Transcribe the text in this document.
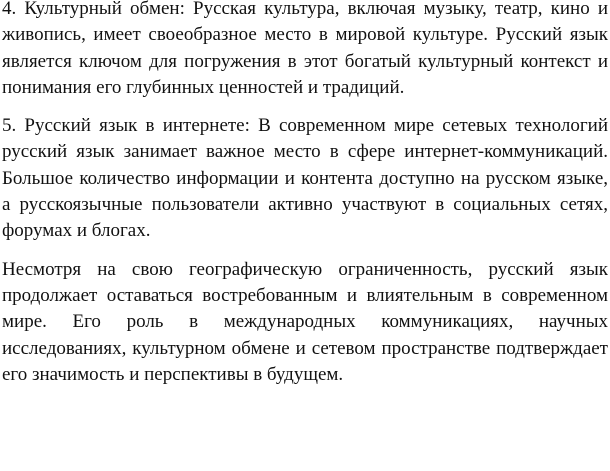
4. Культурный обмен: Русская культура, включая музыку, театр, кино и живопись, имеет своеобразное место в мировой культуре. Русский язык является ключом для погружения в этот богатый культурный контекст и понимания его глубинных ценностей и традиций.

5. Русский язык в интернете: В современном мире сетевых технологий русский язык занимает важное место в сфере интернет-коммуникаций. Большое количество информации и контента доступно на русском языке, а русскоязычные пользователи активно участвуют в социальных сетях, форумах и блогах.

Несмотря на свою географическую ограниченность, русский язык продолжает оставаться востребованным и влиятельным в современном мире. Его роль в международных коммуникациях, научных исследованиях, культурном обмене и сетевом пространстве подтверждает его значимость и перспективы в будущем.
